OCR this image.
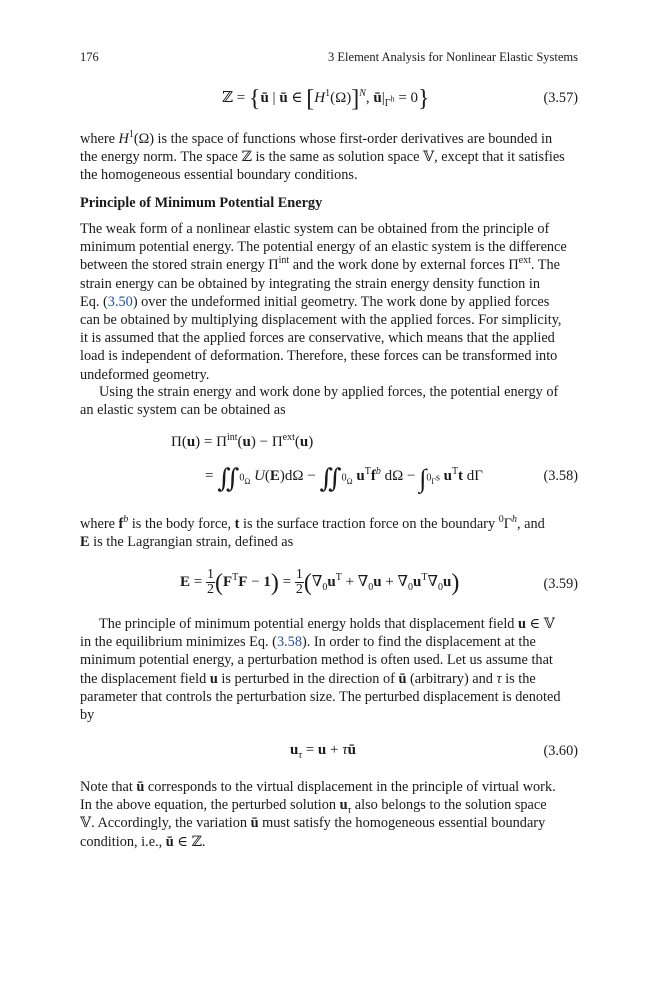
176	3 Element Analysis for Nonlinear Elastic Systems
ℤ = {ū | ū ∈ $[H^1(\Omega)]^N$, $ū|_{\Gamma^h} = 0$}	(3.57)

where $H^1(\Omega)$ is the space of functions whose first-order derivatives are bounded in

the energy norm. The space ℤ is the same as solution space 𝕍, except that it satisfies

the homogeneous essential boundary conditions.

Principle of Minimum Potential Energy

The weak form of a nonlinear elastic system can be obtained from the principle of

minimum potential energy. The potential energy of an elastic system is the difference

between the stored strain energy $\Pi^{int}$ and the work done by external forces $\Pi^{ext}$. The

strain energy can be obtained by integrating the strain energy density function in

Eq. (3.50) over the undeformed initial geometry. The work done by applied forces

can be obtained by multiplying displacement with the applied forces. For simplicity,

it is assumed that the applied forces are conservative, which means that the applied

load is independent of deformation. Therefore, these forces can be transformed into

undeformed geometry.

Using the strain energy and work done by applied forces, the potential energy of

an elastic system can be obtained as

$\Pi(u) = \Pi^{int}(u) - \Pi^{ext}(u)$
= $∬_{^0\Omega}$ $U(E)d\Omega - ∬_{^0\Omega}$ $u^Tf^b$ $d\Omega - \int_{^0\Gamma^s}$ $u^Tt$ dΓ	(3.58)

where $f^b$ is the body force, t is the surface traction force on the boundary $^0\Gamma^h$, and

E is the Lagrangian strain, defined as

$E = \frac{1}{2} (F^TF - 1) = \frac{1}{2} (\nabla_0u^T + \nabla_0u + \nabla_0u^T\nabla_0u)$	(3.59)

The principle of minimum potential energy holds that displacement field u ∈ 𝕍

in the equilibrium minimizes Eq. (3.58). In order to find the displacement at the

minimum potential energy, a perturbation method is often used. Let us assume that

the displacement field u is perturbed in the direction of ū (arbitrary) and τ is the

parameter that controls the perturbation size. The perturbed displacement is denoted

by

$u_\tau = u$ + τū	(3.60)

Note that ū corresponds to the virtual displacement in the principle of virtual work.

In the above equation, the perturbed solution $u_\tau$ also belongs to the solution space

𝕍. Accordingly, the variation ū must satisfy the homogeneous essential boundary

condition, i.e., ū ∈ ℤ.
